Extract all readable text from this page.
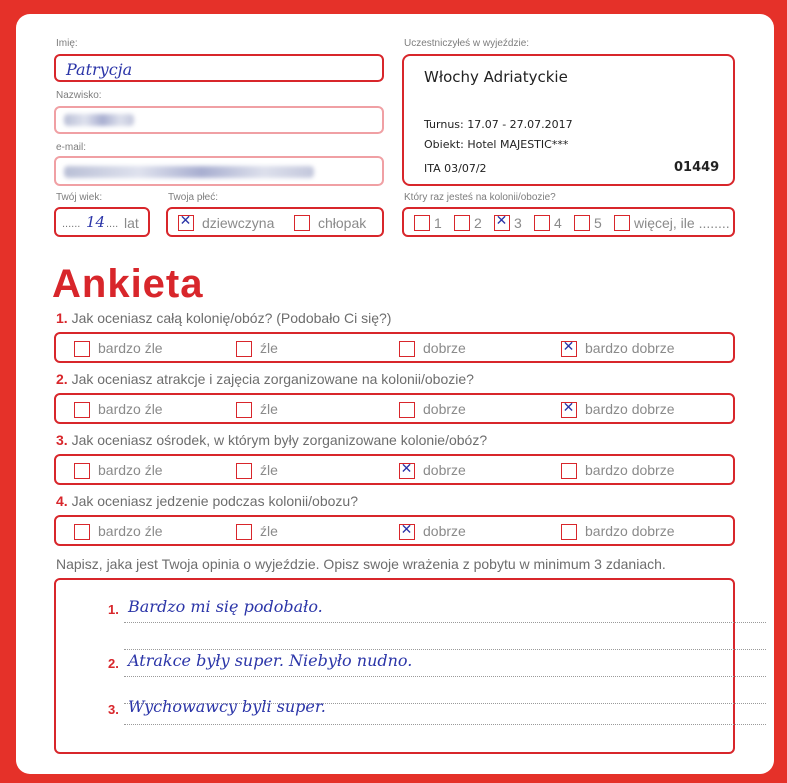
Imię:
Patrycja
Nazwisko:
e-mail:
Twój wiek:
...... 14 .... lat
Twoja płeć:
✕ dziewczyna	chłopak
Uczestniczyłeś w wyjeździe:
Włochy Adriatyckie
Turnus: 17.07 - 27.07.2017
Obiekt: Hotel MAJESTIC***
ITA 03/07/2	01449
Który raz jesteś na kolonii/obozie?
1 2 ✕ 3 4 5 więcej, ile ........
Ankieta
1. Jak oceniasz całą kolonię/obóz? (Podobało Ci się?)
bardzo źle	źle	dobrze	✕ bardzo dobrze
2. Jak oceniasz atrakcje i zajęcia zorganizowane na kolonii/obozie?
bardzo źle	źle	dobrze	✕ bardzo dobrze
3. Jak oceniasz ośrodek, w którym były zorganizowane kolonie/obóz?
bardzo źle	źle	✕ dobrze	bardzo dobrze
4. Jak oceniasz jedzenie podczas kolonii/obozu?
bardzo źle	źle	✕ dobrze	bardzo dobrze
Napisz, jaka jest Twoja opinia o wyjeździe. Opisz swoje wrażenia z pobytu w minimum 3 zdaniach.
1. Bardzo mi się podobało.
2. Atrakce były super. Niebyło nudno.
3. Wychowawcy byli super.
